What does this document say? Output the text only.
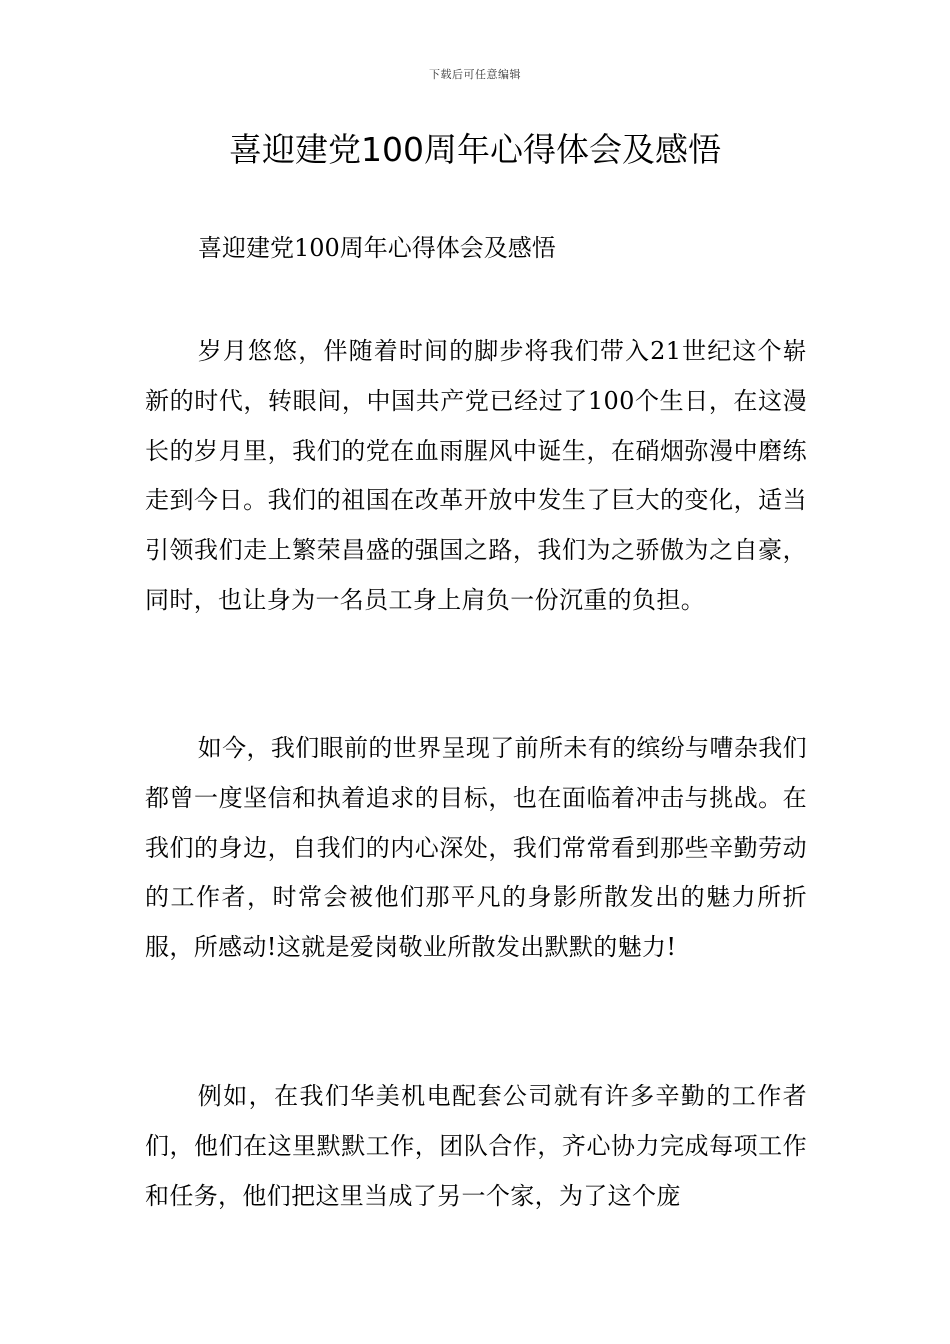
下载后可任意编辑
喜迎建党100周年心得体会及感悟

喜迎建党100周年心得体会及感悟

岁月悠悠，伴随着时间的脚步将我们带入21世纪这个崭新的时代，转眼间，中国共产党已经过了100个生日，在这漫长的岁月里，我们的党在血雨腥风中诞生，在硝烟弥漫中磨练走到今日。我们的祖国在改革开放中发生了巨大的变化，适当引领我们走上繁荣昌盛的强国之路，我们为之骄傲为之自豪，同时，也让身为一名员工身上肩负一份沉重的负担。

如今，我们眼前的世界呈现了前所未有的缤纷与嘈杂我们都曾一度坚信和执着追求的目标，也在面临着冲击与挑战。在我们的身边，自我们的内心深处，我们常常看到那些辛勤劳动的工作者，时常会被他们那平凡的身影所散发出的魅力所折服，所感动!这就是爱岗敬业所散发出默默的魅力!

例如，在我们华美机电配套公司就有许多辛勤的工作者们，他们在这里默默工作，团队合作，齐心协力完成每项工作和任务，他们把这里当成了另一个家，为了这个庞
